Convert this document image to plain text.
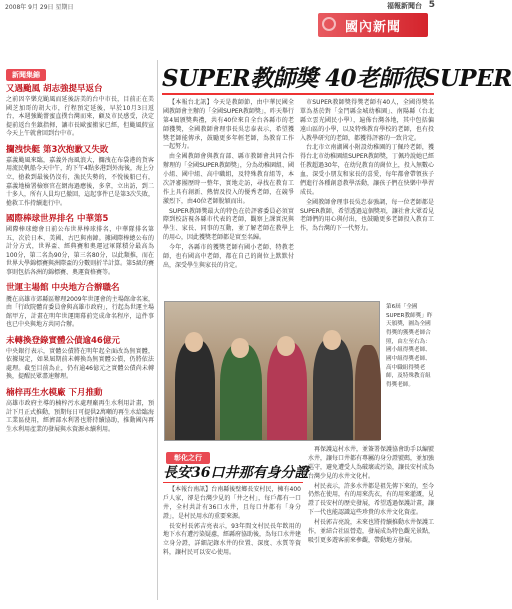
2008年 9月 29日 星期日	福報新聞台 5
國內新聞
新聞集錦
又遇颱風 胡志強提早返台

之前因辛樂克颱風而延後訪美的台中市長，目前正在美國芝加哥的胡大市，行程預定延後，早於10月3日返台，本週強颱薔蜜直撲台灣而來，顧及市民感受，決定提前返台坐鎮指揮，讓市長歐蜜搬家已經，但颱風假宣今天上午就會回到台中市。

攔洩快艇 第3次抱歉又失敗

嘉義颱風來臨，嘉義外海風浪大，攔洩在布袋港的貨客用流民帆船今天中午，約下午4點多港到外海後，海上分立，搶救到最後仍沒有，漁民失勢的，不悅後船已有，嘉義地檢署檢察官在網海過應後，多拿，立出訪，到二十多人，所有人員均已撤回，這起事件已是第3次失敗，搶救工作持續進行中。

國際棒球世界排名 中華第5

國際棒球總會日前公布世界棒球排名，中華隊排名第五，次於日本、美國、古巴與南韓。據國際棒總公布的計分方式，世界盃、經典賽和奧運冠軍隊積分最高為100分，第二名為90分，第三名80分，以此類推，而在世界大學錦標賽與洲際盃的分數則折半計算。第5級的賽事則包括各洲的錦標賽、奧運資格賽等。

世運主場館 中央地方合辦職名

攬在高雄市郊縣區辦理2009年世運會的主場館命名案，由「行政院體育委員會與高雄市政府」，行起為世運主場館甲方，計畫在明年世運開幕前完成命名程序，這件事也已中央與地方共同合辦。

未轉換登錄實體公債逾46億元

中央銀行表示，實體公債將在明年起全面改為無實體，依據規定，如果屆期前未轉換為無實體公債，仍將依法處理。截至目前為止，仍有逾46億元之實體公債尚未轉換，提醒民眾盡速辦理。

楠梓再生水模廠 下月推動

高雄市政府主導的楠梓污水處理廠再生水利用計畫，預計下月正式推動，預期每日可提供2萬噸的再生水給臨海工業區使用，經濟部水利署也將持續協助，推動國內再生水利用產業的發展與水資源永續利用。

SUPER教師獎 40老師很SUPER

【本報台北訊】今天是教師節，由中華民國全國教師會主辦的「全國SUPER教師獎」，昨天舉行第4屆頒獎典禮，共有40位來自全台各縣市的老師獲獎，全國教師會理事長吳忠泰表示，希望獲獎老師能傳承，鼓勵更多年輕老師，為教育工作一起努力。

由全國教師會與教育部、縣市教師會共同合作辦理的「全國SUPER教師獎」，分為幼稚園組、國小組、國中組、高中職組，及特殊教育組等，本次評審團歷時一整年，實地走訪，尋找在教育工作上具有創新、熱情及投入的優秀老師，在競爭激烈下，由40位老師脫穎而出。

SUPER教師獎最大的特色在於評審委員必須實際到校訪視各縣市代表的老師，觀察上課實況與學生、家長、同事的互動，並了解老師在教學上的用心，因此獲獎老師都是實至名歸。

今年，各縣市的獲獎老師有國小老師、特教老師，也有國高中老師，都在自己的崗位上默默付出，深受學生與家長的肯定。

市SUPER教師獎得獎老師有40人，全國得獎名單為基於對「金門縣金城幼稚園」、南陽縣（台北縣立雲光國民小學），遍佈台灣各地，其中包括偏遠山區的小學，以及特殊教育學校的老師，也有投入教學研究的老師，都獲得評審的一致肯定。

台北市立南湖國小附設幼稚園的丁佩玲老師，獲得台北市幼稚園組SUPER教師獎，丁佩玲說她已經任教超過30年，在幼兒教育的崗位上，投入無數心血，深受小朋友和家長的喜愛，每年都會帶領孩子們進行各種創意教學活動，讓孩子們在快樂中學習成長。

全國教師會理事長吳忠泰強調，每一位老師都是SUPER教師，希望透過這個獎項，讓社會大眾看見老師們的用心與付出，也鼓勵更多老師投入教育工作，為台灣的下一代努力。

第6屆「全國SUPER教師獎」昨天頒獎，圖為全國得獎的獲獎老師合照，由左至右為：國小組得獎老師、國中組得獎老師、高中職組得獎老師，及特殊教育組得獎老師。
彰化之行
長安36口井那有身分證

【本報台南訊】台南縣後壁鄉長安村民，擁有400戶人家，卻是台灣少見的「井之村」，每戶都有一口井，全村共計有36口水井，且每口井都有「身分證」，是村民用水的重要來源。

長安村長郭吉亮表示，93年間文村民長年飲用的地下水有遭污染疑慮，經縣府協助後，為每口水井建立身分證，詳細記錄水井的位置、深度、水質等資料，讓村民可以安心使用。

再保護這村水井，並簽署保護協會助手以編號水井，讓每口井都有專屬的身分證號碼，並加強巡守，避免遭受人為破壞或污染，讓長安村成為台灣少見的水井文化村。

村民表示，許多水井都是祖先傳下來的，至今仍然在使用，有的用來洗衣，有的用來灌溉，見證了長安村的歷史發展，希望透過保護計畫，讓下一代也能認識這些珍貴的水井文化資產。

村長郭吉亮說，未來也將持續推動水井保護工作，並結合社區營造，發展成為特色觀光景點，吸引更多遊客前來參觀，帶動地方發展。
